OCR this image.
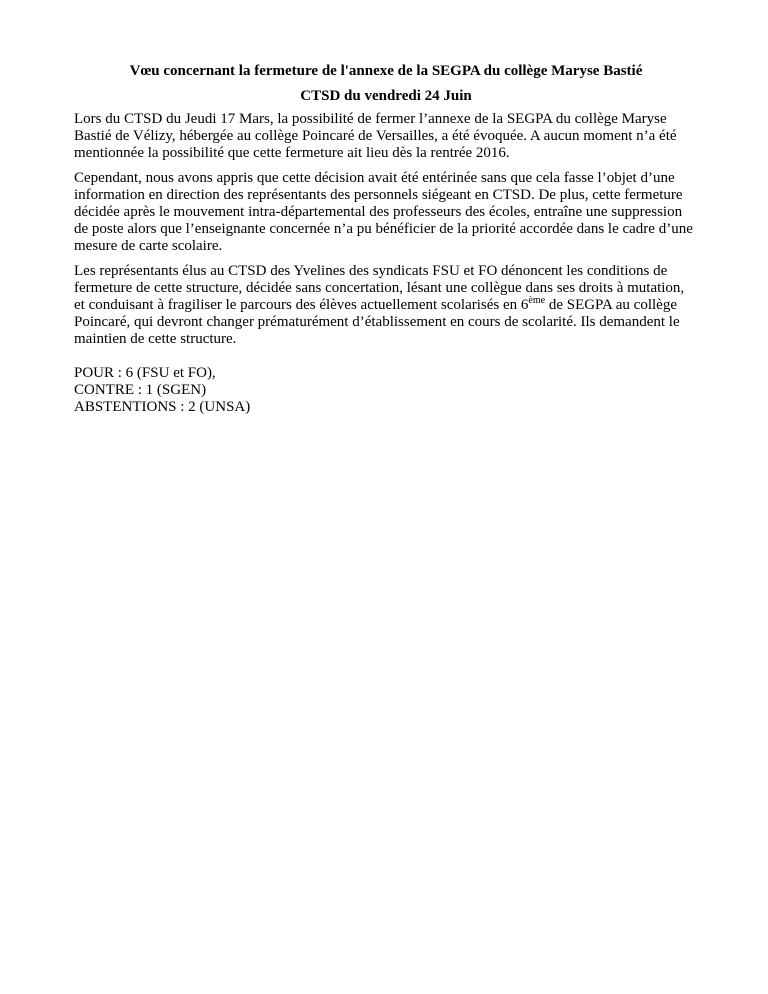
Vœu concernant la fermeture de l'annexe de la SEGPA du collège Maryse Bastié
CTSD du vendredi 24 Juin

Lors du CTSD du Jeudi 17 Mars, la possibilité de fermer l’annexe de la SEGPA du collège Maryse Bastié de Vélizy, hébergée au collège Poincaré de Versailles, a été évoquée. A aucun moment n’a été mentionnée la possibilité que cette fermeture ait lieu dès la rentrée 2016.

Cependant, nous avons appris que cette décision avait été entérinée sans que cela fasse l’objet d’une information en direction des représentants des personnels siégeant en CTSD. De plus, cette fermeture décidée après le mouvement intra-départemental des professeurs des écoles, entraîne une suppression de poste alors que l’enseignante concernée n’a pu bénéficier de la priorité accordée dans le cadre d’une mesure de carte scolaire.

Les représentants élus au CTSD des Yvelines des syndicats FSU et FO dénoncent les conditions de fermeture de cette structure, décidée sans concertation, lésant une collègue dans ses droits à mutation, et conduisant à fragiliser le parcours des élèves actuellement scolarisés en 6ème de SEGPA au collège Poincaré, qui devront changer prématurément d’établissement en cours de scolarité. Ils demandent le maintien de cette structure.

POUR : 6 (FSU et FO),
CONTRE : 1 (SGEN)
ABSTENTIONS : 2 (UNSA)
